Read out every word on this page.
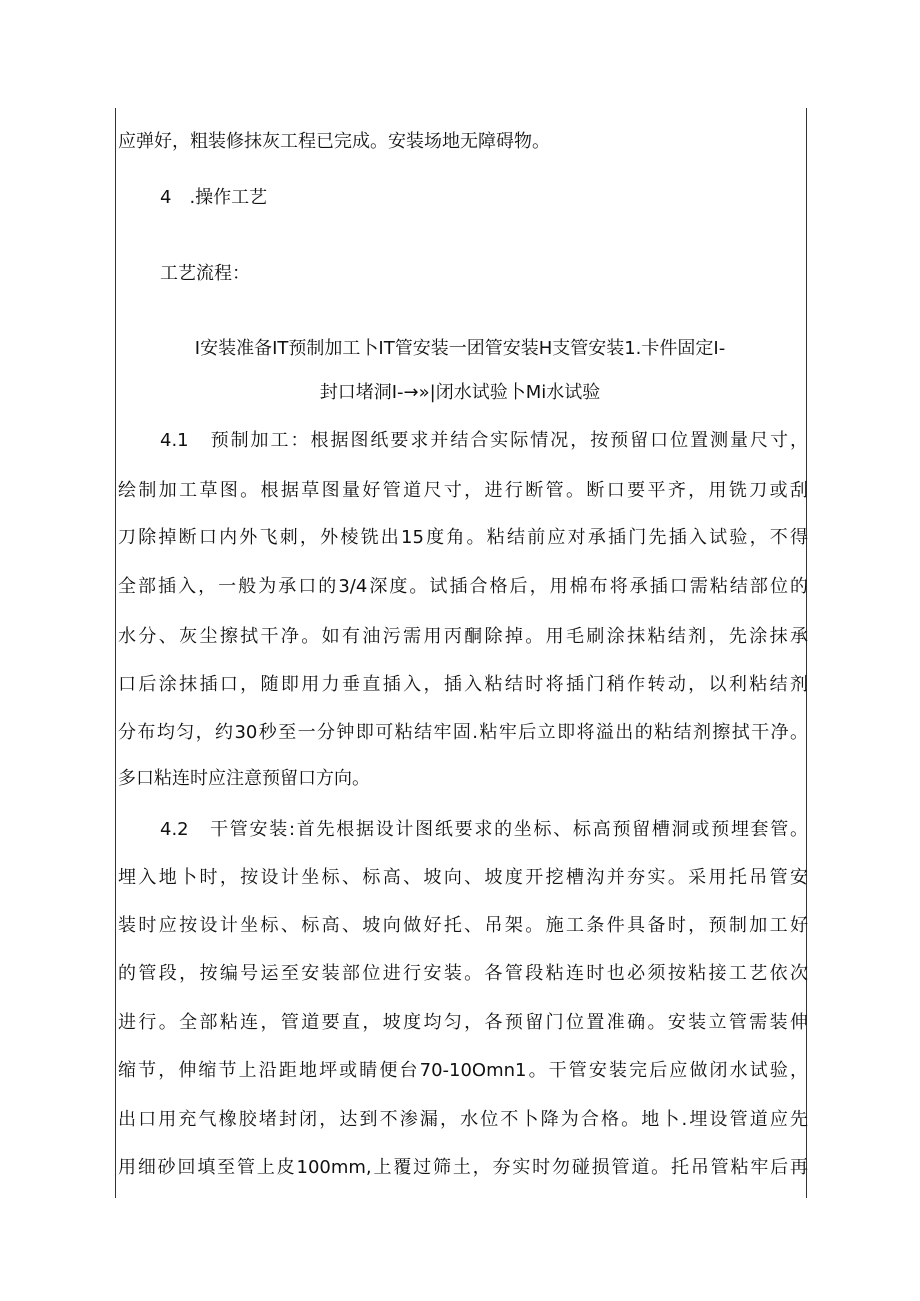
应弹好，粗装修抹灰工程已完成。安装场地无障碍物。
4　.操作工艺
工艺流程：
I安装准备IT预制加工卜IT管安装一团管安装H支管安装1.卡件固定I-
封口堵洞I-→»|闭水试验卜Mi水试验
4.1　预制加工：根据图纸要求并结合实际情况，按预留口位置测量尺寸，
绘制加工草图。根据草图量好管道尺寸，进行断管。断口要平齐，用铣刀或刮
刀除掉断口内外飞刺，外棱铣出15度角。粘结前应对承插门先插入试验，不得
全部插入，一般为承口的3/4深度。试插合格后，用棉布将承插口需粘结部位的
水分、灰尘擦拭干净。如有油污需用丙酮除掉。用毛刷涂抹粘结剂，先涂抹承
口后涂抹插口，随即用力垂直插入，插入粘结时将插门稍作转动，以利粘结剂
分布均匀，约30秒至一分钟即可粘结牢固.粘牢后立即将溢出的粘结剂擦拭干净。
多口粘连时应注意预留口方向。
4.2　干管安装:首先根据设计图纸要求的坐标、标高预留槽洞或预埋套管。
埋入地卜时，按设计坐标、标高、坡向、坡度开挖槽沟并夯实。采用托吊管安
装时应按设计坐标、标高、坡向做好托、吊架。施工条件具备时，预制加工好
的管段，按编号运至安装部位进行安装。各管段粘连时也必须按粘接工艺依次
进行。全部粘连，管道要直，坡度均匀，各预留门位置准确。安装立管需装伸
缩节，伸缩节上沿距地坪或睛便台70-10Omn1。干管安装完后应做闭水试验，
出口用充气橡胶堵封闭，达到不渗漏，水位不卜降为合格。地卜.埋设管道应先
用细砂回填至管上皮100mm,上覆过筛土，夯实时勿碰损管道。托吊管粘牢后再
